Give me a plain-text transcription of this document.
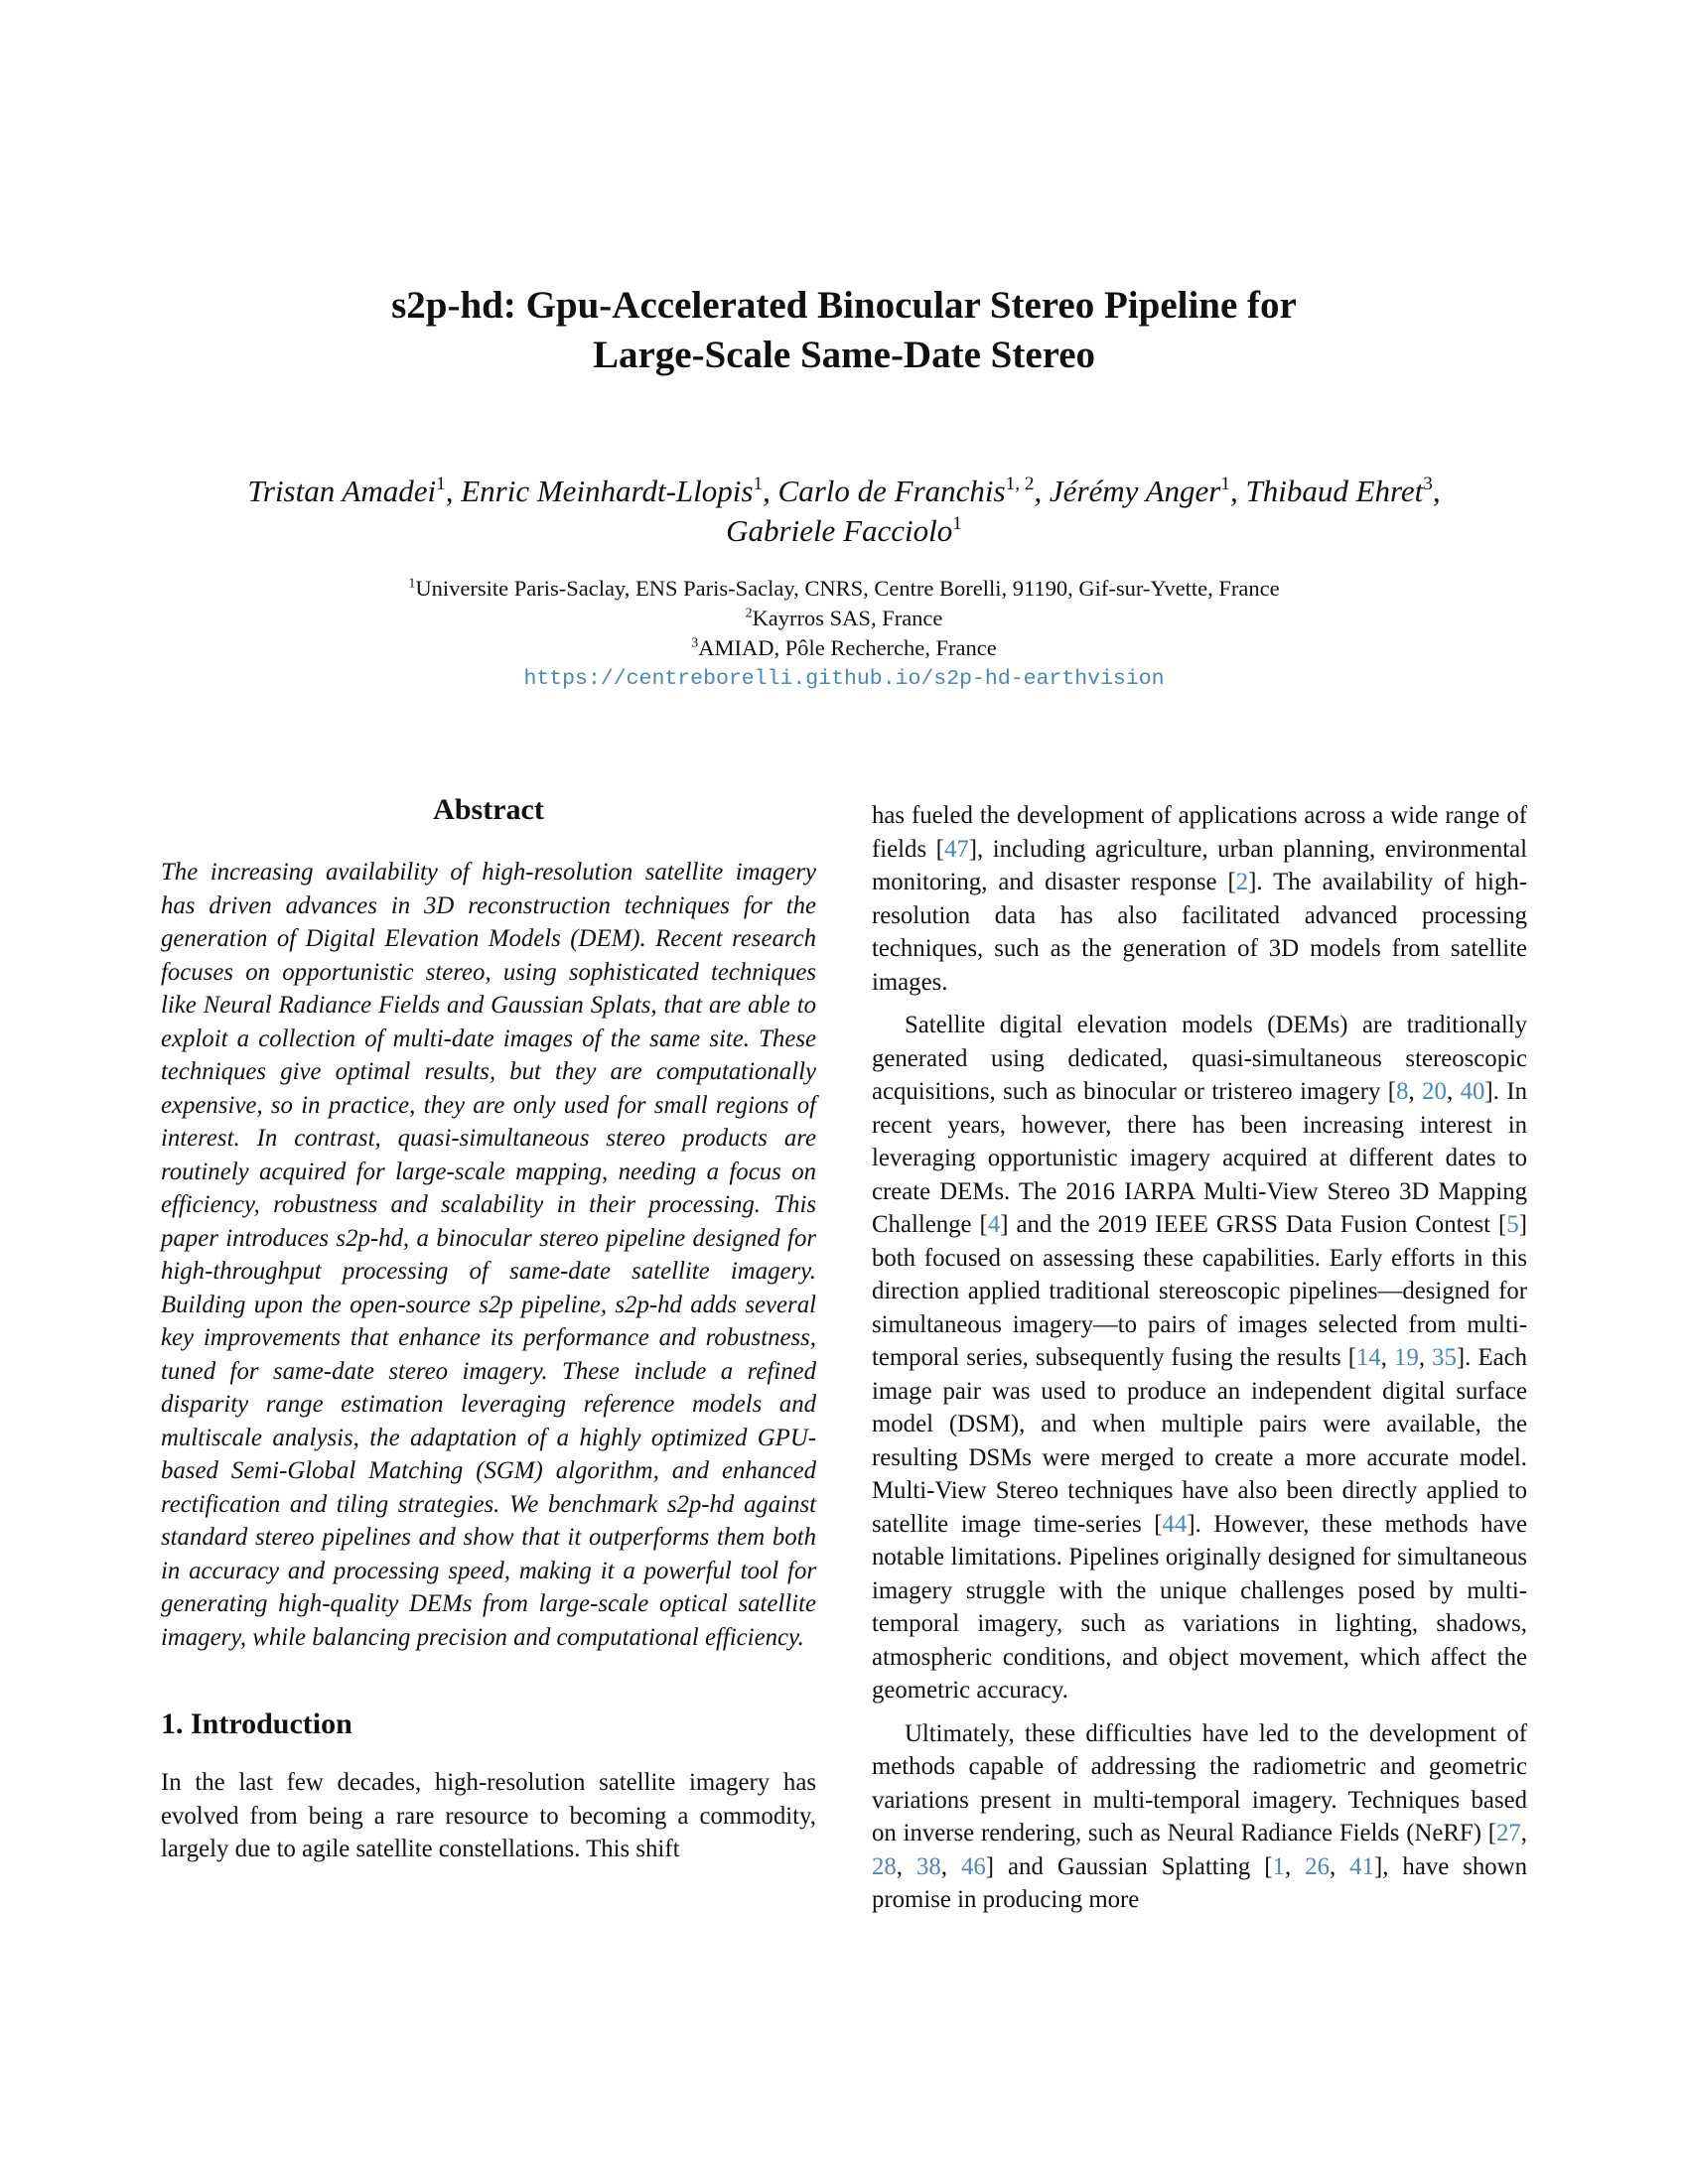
s2p-hd: Gpu-Accelerated Binocular Stereo Pipeline for
Large-Scale Same-Date Stereo
Tristan Amadei$^1$, Enric Meinhardt-Llopis$^1$, Carlo de Franchis$^{1, 2}$, Jérémy Anger$^1$, Thibaud Ehret$^3$,
Gabriele Facciolo$^1$
$^1$Universite Paris-Saclay, ENS Paris-Saclay, CNRS, Centre Borelli, 91190, Gif-sur-Yvette, France
$^2$Kayrros SAS, France
$^3$AMIAD, Pôle Recherche, France
https://centreborelli.github.io/s2p-hd-earthvision
Abstract

The increasing availability of high-resolution satellite imagery has driven advances in 3D reconstruction techniques for the generation of Digital Elevation Models (DEM). Recent research focuses on opportunistic stereo, using sophisticated techniques like Neural Radiance Fields and Gaussian Splats, that are able to exploit a collection of multi-date images of the same site. These techniques give optimal results, but they are computationally expensive, so in practice, they are only used for small regions of interest. In contrast, quasi-simultaneous stereo products are routinely acquired for large-scale mapping, needing a focus on efficiency, robustness and scalability in their processing. This paper introduces s2p-hd, a binocular stereo pipeline designed for high-throughput processing of same-date satellite imagery. Building upon the open-source s2p pipeline, s2p-hd adds several key improvements that enhance its performance and robustness, tuned for same-date stereo imagery. These include a refined disparity range estimation leveraging reference models and multiscale analysis, the adaptation of a highly optimized GPU-based Semi-Global Matching (SGM) algorithm, and enhanced rectification and tiling strategies. We benchmark s2p-hd against standard stereo pipelines and show that it outperforms them both in accuracy and processing speed, making it a powerful tool for generating high-quality DEMs from large-scale optical satellite imagery, while balancing precision and computational efficiency.

1. Introduction

In the last few decades, high-resolution satellite imagery has evolved from being a rare resource to becoming a commodity, largely due to agile satellite constellations. This shift

has fueled the development of applications across a wide range of fields [47], including agriculture, urban planning, environmental monitoring, and disaster response [2]. The availability of high-resolution data has also facilitated advanced processing techniques, such as the generation of 3D models from satellite images.

Satellite digital elevation models (DEMs) are traditionally generated using dedicated, quasi-simultaneous stereoscopic acquisitions, such as binocular or tristereo imagery [8, 20, 40]. In recent years, however, there has been increasing interest in leveraging opportunistic imagery acquired at different dates to create DEMs. The 2016 IARPA Multi-View Stereo 3D Mapping Challenge [4] and the 2019 IEEE GRSS Data Fusion Contest [5] both focused on assessing these capabilities. Early efforts in this direction applied traditional stereoscopic pipelines—designed for simultaneous imagery—to pairs of images selected from multi-temporal series, subsequently fusing the results [14, 19, 35]. Each image pair was used to produce an independent digital surface model (DSM), and when multiple pairs were available, the resulting DSMs were merged to create a more accurate model. Multi-View Stereo techniques have also been directly applied to satellite image time-series [44]. However, these methods have notable limitations. Pipelines originally designed for simultaneous imagery struggle with the unique challenges posed by multi-temporal imagery, such as variations in lighting, shadows, atmospheric conditions, and object movement, which affect the geometric accuracy.

Ultimately, these difficulties have led to the development of methods capable of addressing the radiometric and geometric variations present in multi-temporal imagery. Techniques based on inverse rendering, such as Neural Radiance Fields (NeRF) [27, 28, 38, 46] and Gaussian Splatting [1, 26, 41], have shown promise in producing more
